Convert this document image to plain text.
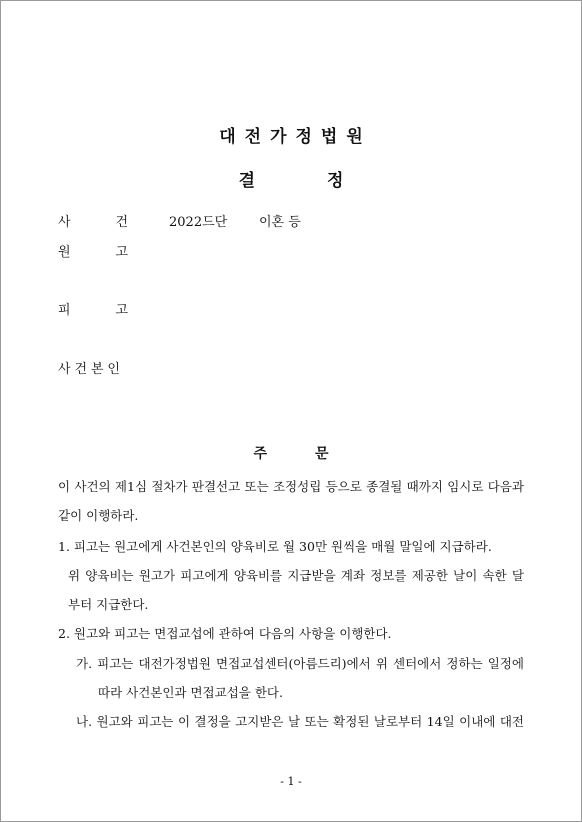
대전가정법원
결정
사	건	2022드단 이혼 등
원	고
피	고
사 건 본 인
주문
이 사건의 제1심 절차가 판결선고 또는 조정성립 등으로 종결될 때까지 임시로 다음과
같이 이행하라.
1. 피고는 원고에게 사건본인의 양육비로 월 30만 원씩을 매월 말일에 지급하라.
위 양육비는 원고가 피고에게 양육비를 지급받을 계좌 정보를 제공한 날이 속한 달
부터 지급한다.
2. 원고와 피고는 면접교섭에 관하여 다음의 사항을 이행한다.
가. 피고는 대전가정법원 면접교섭센터(아름드리)에서 위 센터에서 정하는 일정에
따라 사건본인과 면접교섭을 한다.
나. 원고와 피고는 이 결정을 고지받은 날 또는 확정된 날로부터 14일 이내에 대전
- 1 -
